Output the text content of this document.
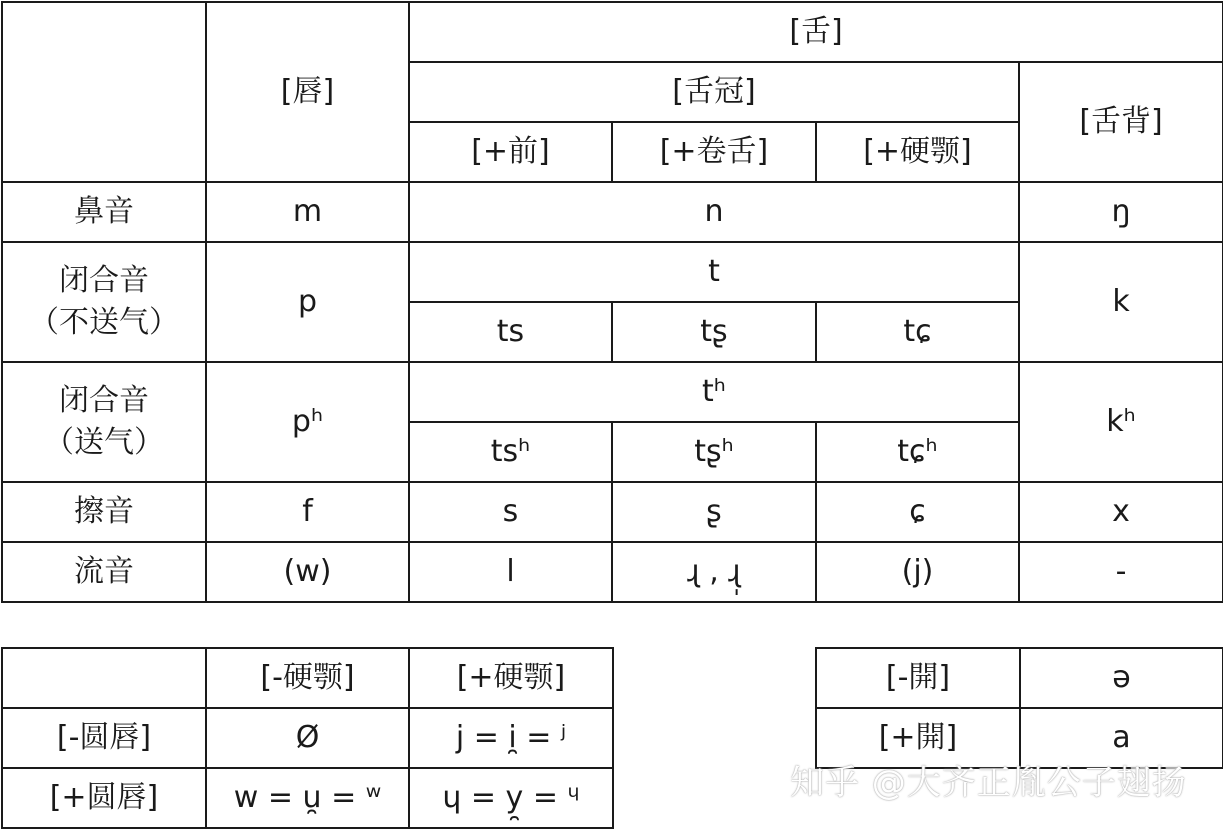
	[唇]	[舌]			
		[舌冠]			[舌背]
		[+前]	[+卷舌]	[+硬颚]	
鼻音	m	n			ŋ

闭合音
（不送气）	p	t			k
		ts	tʂ	tɕ	

闭合音
（送气）	pʰ	tʰ			kʰ
		tsʰ	tʂʰ	tɕʰ	
擦音	f	s	ʂ	ɕ	x
流音	(w)	l	ɻ , ɻ̩	(j)	-
	[-硬颚]	[+硬颚]
[-圆唇]	Ø	j = i̯ = ʲ
[+圆唇]	w = u̯ = ʷ	ɥ = y̯ = ᶣ
[-開]	ə
[+開]	a
知乎 @大齐正胤公子翅扬
